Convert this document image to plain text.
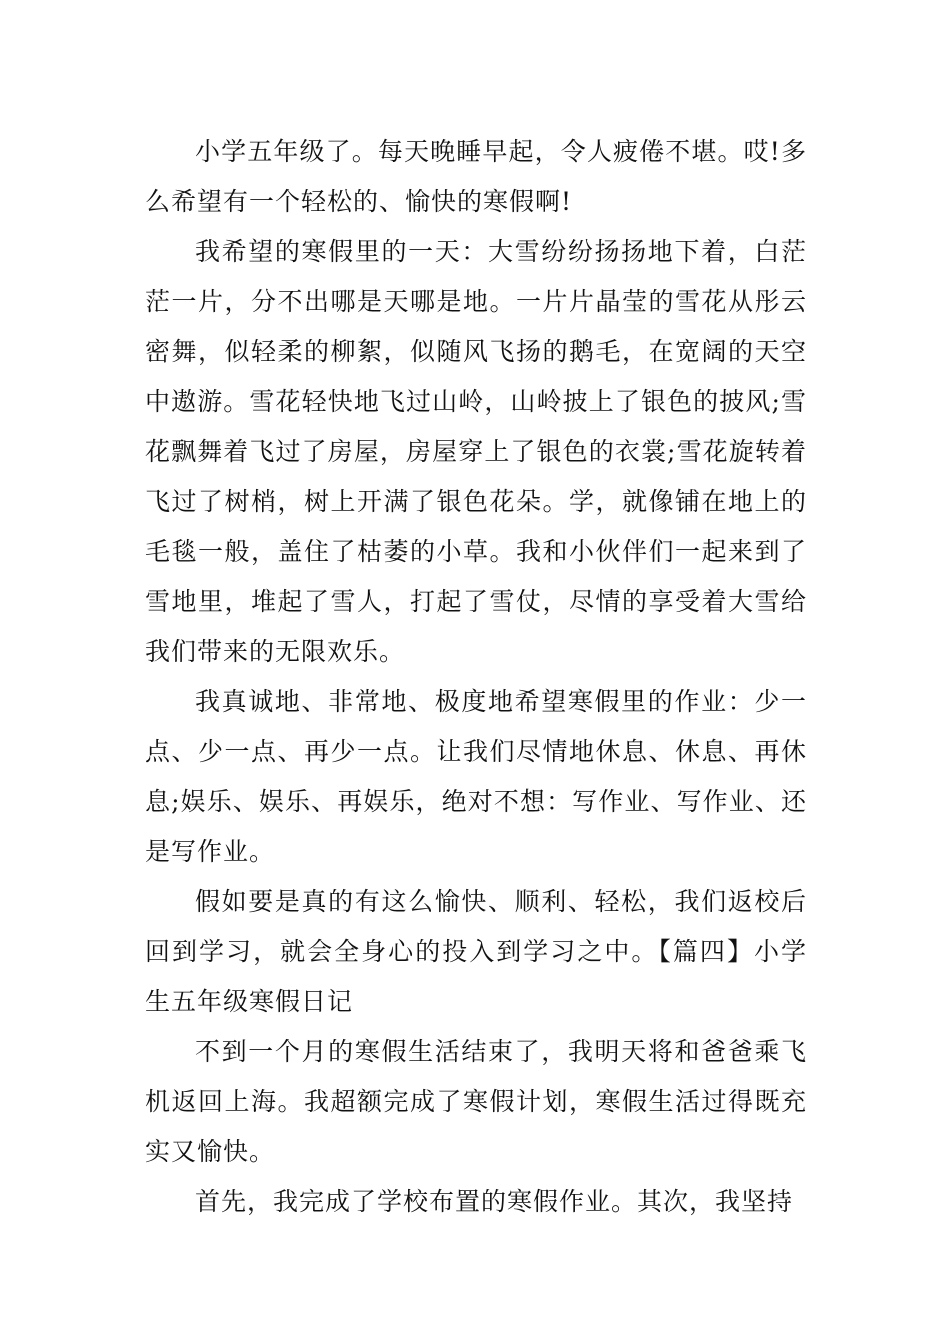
小学五年级了。每天晚睡早起，令人疲倦不堪。哎!多么希望有一个轻松的、愉快的寒假啊!

我希望的寒假里的一天：大雪纷纷扬扬地下着，白茫茫一片，分不出哪是天哪是地。一片片晶莹的雪花从彤云密舞，似轻柔的柳絮，似随风飞扬的鹅毛，在宽阔的天空中遨游。雪花轻快地飞过山岭，山岭披上了银色的披风;雪花飘舞着飞过了房屋，房屋穿上了银色的衣裳;雪花旋转着飞过了树梢，树上开满了银色花朵。学，就像铺在地上的毛毯一般，盖住了枯萎的小草。我和小伙伴们一起来到了雪地里，堆起了雪人，打起了雪仗，尽情的享受着大雪给我们带来的无限欢乐。

我真诚地、非常地、极度地希望寒假里的作业：少一点、少一点、再少一点。让我们尽情地休息、休息、再休息;娱乐、娱乐、再娱乐，绝对不想：写作业、写作业、还是写作业。

假如要是真的有这么愉快、顺利、轻松，我们返校后回到学习，就会全身心的投入到学习之中。【篇四】小学生五年级寒假日记

不到一个月的寒假生活结束了，我明天将和爸爸乘飞机返回上海。我超额完成了寒假计划，寒假生活过得既充实又愉快。

首先，我完成了学校布置的寒假作业。其次，我坚持
